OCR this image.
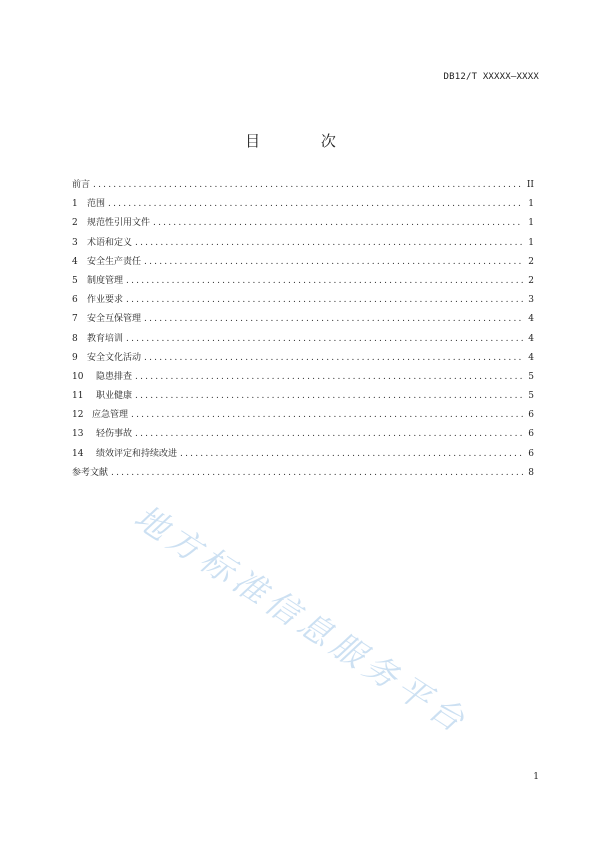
DB12/T XXXXX—XXXX
目 次
前言 .....	II
1	范围 .....	1
2	规范性引用文件 .....	1
3	术语和定义 .....	1
4	安全生产责任 .....	2
5	制度管理 .....	2
6	作业要求 .....	3
7	安全互保管理 .....	4
8	教育培训 .....	4
9	安全文化活动 .....	4
10	隐患排查 .....	5
11	职业健康 .....	5
12 应急管理 .....	6
13	轻伤事故 .....	6
14	绩效评定和持续改进 .....	6
参考文献 .....	8
地方标准信息服务平台
1
